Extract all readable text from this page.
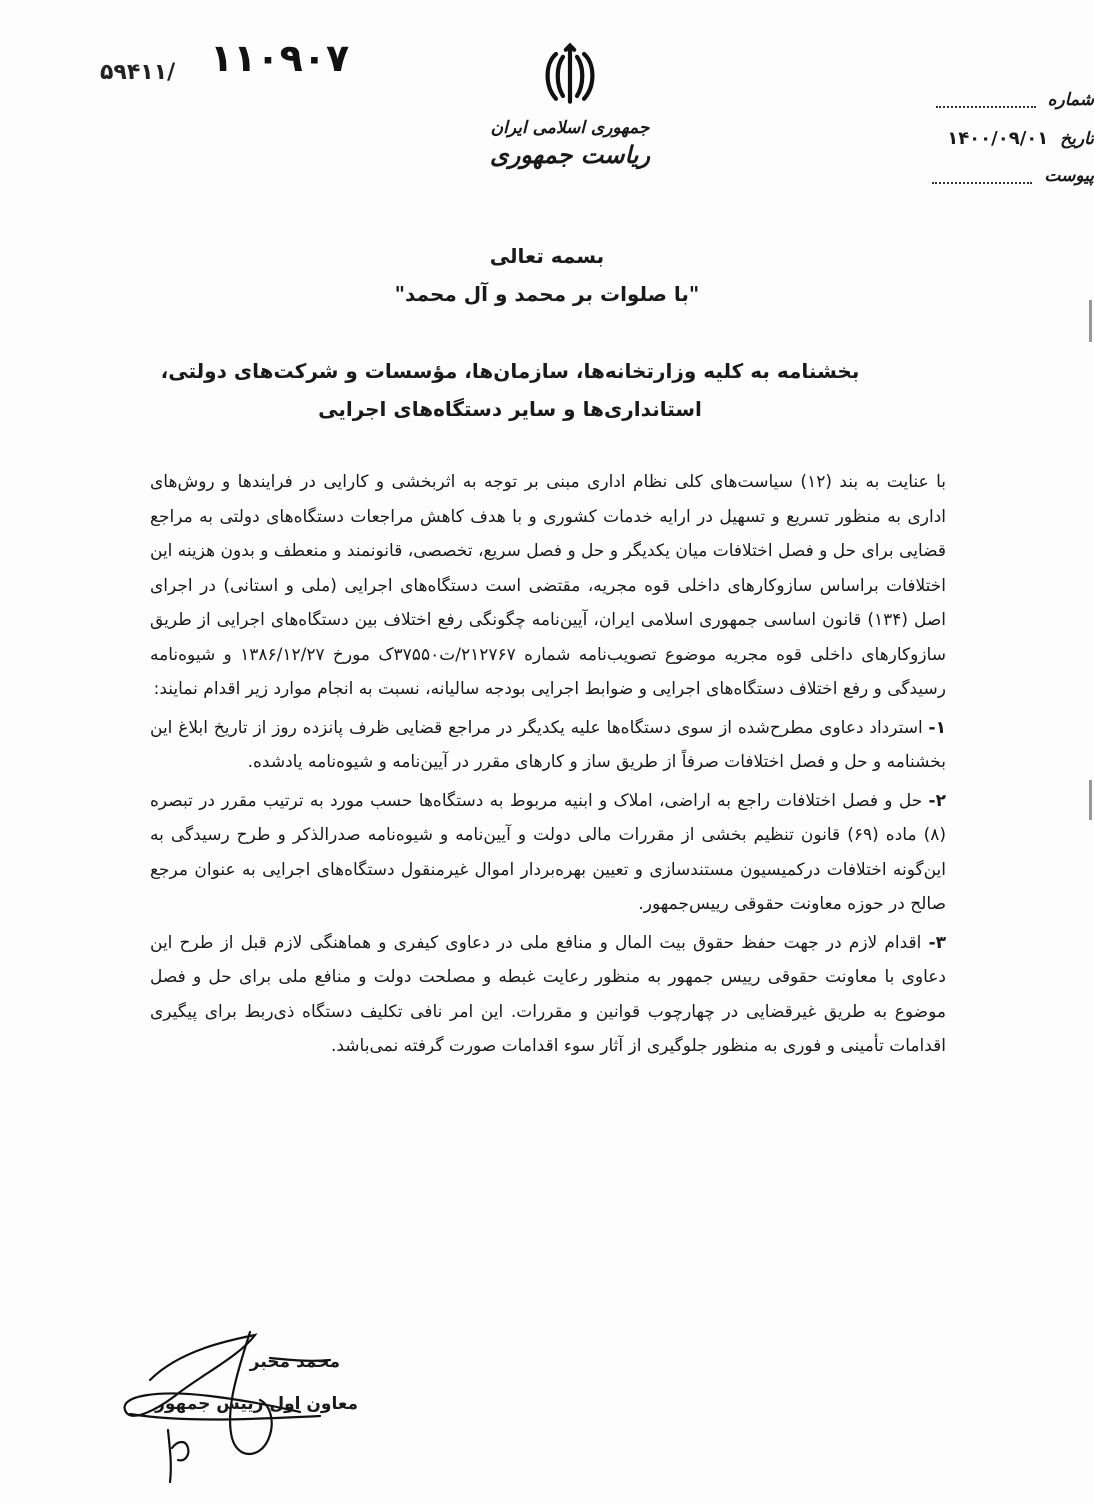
۵۹۴۱۱/ ۱۱۰۹۰۷
شماره
تاریخ ۱۴۰۰/۰۹/۰۱
پیوست
جمهوری اسلامی ایران
ریاست جمهوری
بسمه تعالی
"با صلوات بر محمد و آل محمد"
بخشنامه به کلیه وزارتخانه‌ها، سازمان‌ها، مؤسسات و شرکت‌های دولتی،
استانداری‌ها و سایر دستگاه‌های اجرایی

با عنایت به بند (۱۲) سیاست‌های کلی نظام اداری مبنی بر توجه به اثربخشی و کارایی در فرایندها و روش‌های اداری به منظور تسریع و تسهیل در ارایه خدمات کشوری و با هدف کاهش مراجعات دستگاه‌های دولتی به مراجع قضایی برای حل و فصل اختلافات میان یکدیگر و حل و فصل سریع، تخصصی، قانونمند و منعطف و بدون هزینه این اختلافات براساس سازوکارهای داخلی قوه مجریه، مقتضی است دستگاه‌های اجرایی (ملی و استانی) در اجرای اصل (۱۳۴) قانون اساسی جمهوری اسلامی ایران، آیین‌نامه چگونگی رفع اختلاف بین دستگاه‌های اجرایی از طریق سازوکارهای داخلی قوه مجریه موضوع تصویب‌نامه شماره ۲۱۲۷۶۷/ت۳۷۵۵۰ک مورخ ۱۳۸۶/۱۲/۲۷ و شیوه‌نامه رسیدگی و رفع اختلاف دستگاه‌های اجرایی و ضوابط اجرایی بودجه سالیانه، نسبت به انجام موارد زیر اقدام نمایند:

۱- استرداد دعاوی مطرح‌شده از سوی دستگاه‌ها علیه یکدیگر در مراجع قضایی ظرف پانزده روز از تاریخ ابلاغ این بخشنامه و حل و فصل اختلافات صرفاً از طریق ساز و کارهای مقرر در آیین‌نامه و شیوه‌نامه یادشده.

۲- حل و فصل اختلافات راجع به اراضی، املاک و ابنیه مربوط به دستگاه‌ها حسب مورد به ترتیب مقرر در تبصره (۸) ماده (۶۹) قانون تنظیم بخشی از مقررات مالی دولت و آیین‌نامه و شیوه‌نامه صدرالذکر و طرح رسیدگی به این‌گونه اختلافات درکمیسیون مستندسازی و تعیین بهره‌بردار اموال غیرمنقول دستگاه‌های اجرایی به عنوان مرجع صالح در حوزه معاونت حقوقی رییس‌جمهور.

۳- اقدام لازم در جهت حفظ حقوق بیت المال و منافع ملی در دعاوی کیفری و هماهنگی لازم قبل از طرح این دعاوی با معاونت حقوقی رییس جمهور به منظور رعایت غبطه و مصلحت دولت و منافع ملی برای حل و فصل موضوع به طریق غیرقضایی در چهارچوب قوانین و مقررات. این امر نافی تکلیف دستگاه ذی‌ربط برای پیگیری اقدامات تأمینی و فوری به منظور جلوگیری از آثار سوء اقدامات صورت گرفته نمی‌باشد.

محمد مخبر
معاون اول رییس جمهور
